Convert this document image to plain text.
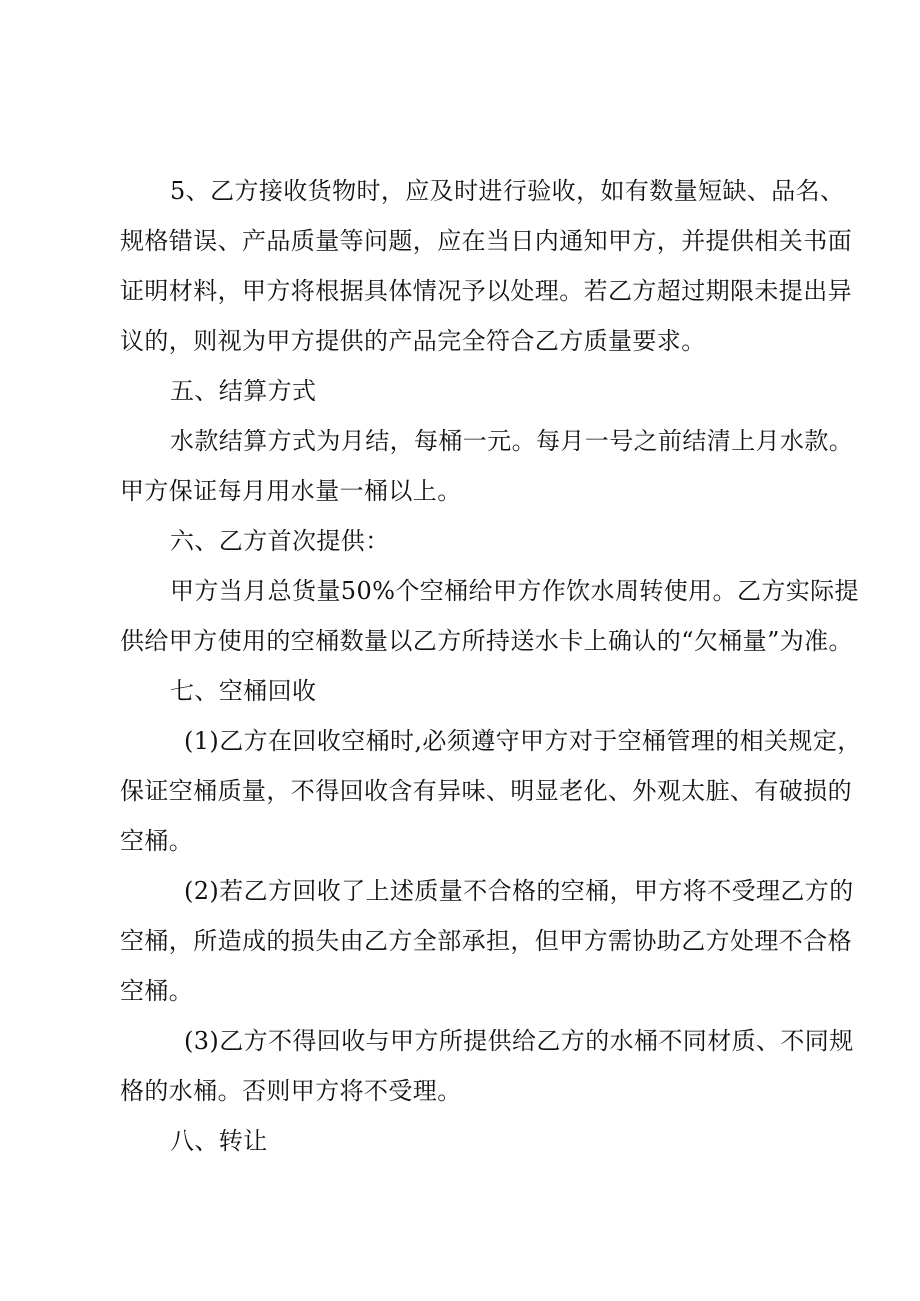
5、乙方接收货物时，应及时进行验收，如有数量短缺、品名、
规格错误、产品质量等问题，应在当日内通知甲方，并提供相关书面
证明材料，甲方将根据具体情况予以处理。若乙方超过期限未提出异
议的，则视为甲方提供的产品完全符合乙方质量要求。
五、结算方式
水款结算方式为月结，每桶一元。每月一号之前结清上月水款。
甲方保证每月用水量一桶以上。
六、乙方首次提供：
甲方当月总货量50%个空桶给甲方作饮水周转使用。乙方实际提
供给甲方使用的空桶数量以乙方所持送水卡上确认的“欠桶量”为准。
七、空桶回收
(1)乙方在回收空桶时,必须遵守甲方对于空桶管理的相关规定，
保证空桶质量，不得回收含有异味、明显老化、外观太脏、有破损的
空桶。
(2)若乙方回收了上述质量不合格的空桶，甲方将不受理乙方的
空桶，所造成的损失由乙方全部承担，但甲方需协助乙方处理不合格
空桶。
(3)乙方不得回收与甲方所提供给乙方的水桶不同材质、不同规
格的水桶。否则甲方将不受理。
八、转让
